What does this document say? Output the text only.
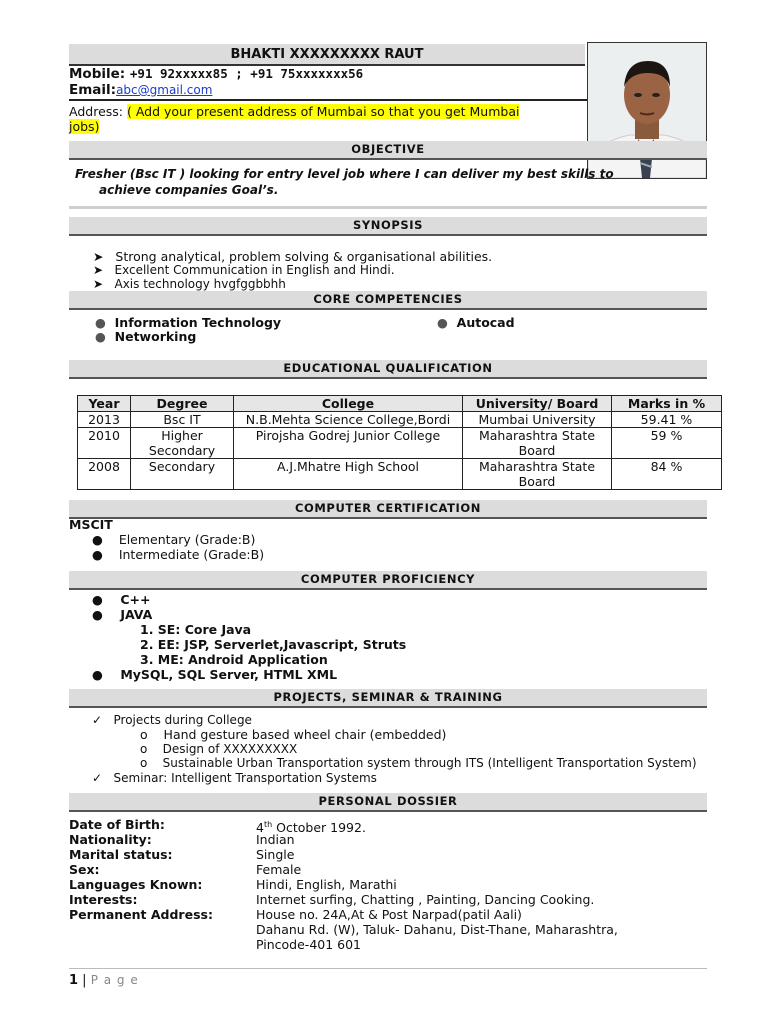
BHAKTI XXXXXXXXX RAUT
Mobile: +91 92xxxxx85 ; +91 75xxxxxxx56
Email:abc@gmail.com
Address: ( Add your present address of Mumbai so that you get Mumbai
jobs)
OBJECTIVE
Fresher (Bsc IT ) looking for entry level job where I can deliver my best skills to
achieve companies Goal’s.
SYNOPSIS
➤   Strong analytical, problem solving & organisational abilities.
➤   Excellent Communication in English and Hindi.
➤   Axis technology hvgfggbbhh
CORE COMPETENCIES
● Information Technology
● Networking
● Autocad
EDUCATIONAL QUALIFICATION
Year	Degree	College	University/ Board	Marks in %
2013	Bsc IT	N.B.Mehta Science College,Bordi	Mumbai University	59.41 %
2010	Higher Secondary	Pirojsha Godrej Junior College	Maharashtra State Board	59 %
2008	Secondary	A.J.Mhatre High School	Maharashtra State Board	84 %
COMPUTER CERTIFICATION
MSCIT
●    Elementary (Grade:B)
●    Intermediate (Grade:B)
COMPUTER PROFICIENCY
●    C++
●    JAVA
1. SE: Core Java
2. EE: JSP, Serverlet,Javascript, Struts
3. ME: Android Application
●    MySQL, SQL Server, HTML XML
PROJECTS, SEMINAR & TRAINING
✓ Projects during College
o    Hand gesture based wheel chair (embedded)
o    Design of XXXXXXXXX
o    Sustainable Urban Transportation system through ITS (Intelligent Transportation System)
✓ Seminar: Intelligent Transportation Systems
PERSONAL DOSSIER
Date of Birth:	4th October 1992.
Nationality:	Indian
Marital status:	Single
Sex:	Female
Languages Known:	Hindi, English, Marathi
Interests:	Internet surfing, Chatting , Painting, Dancing Cooking.
Permanent Address:	House no. 24A,At & Post Narpad(patil Aali)
Dahanu Rd. (W), Taluk- Dahanu, Dist-Thane, Maharashtra,
Pincode-401 601
1 | P a g e
